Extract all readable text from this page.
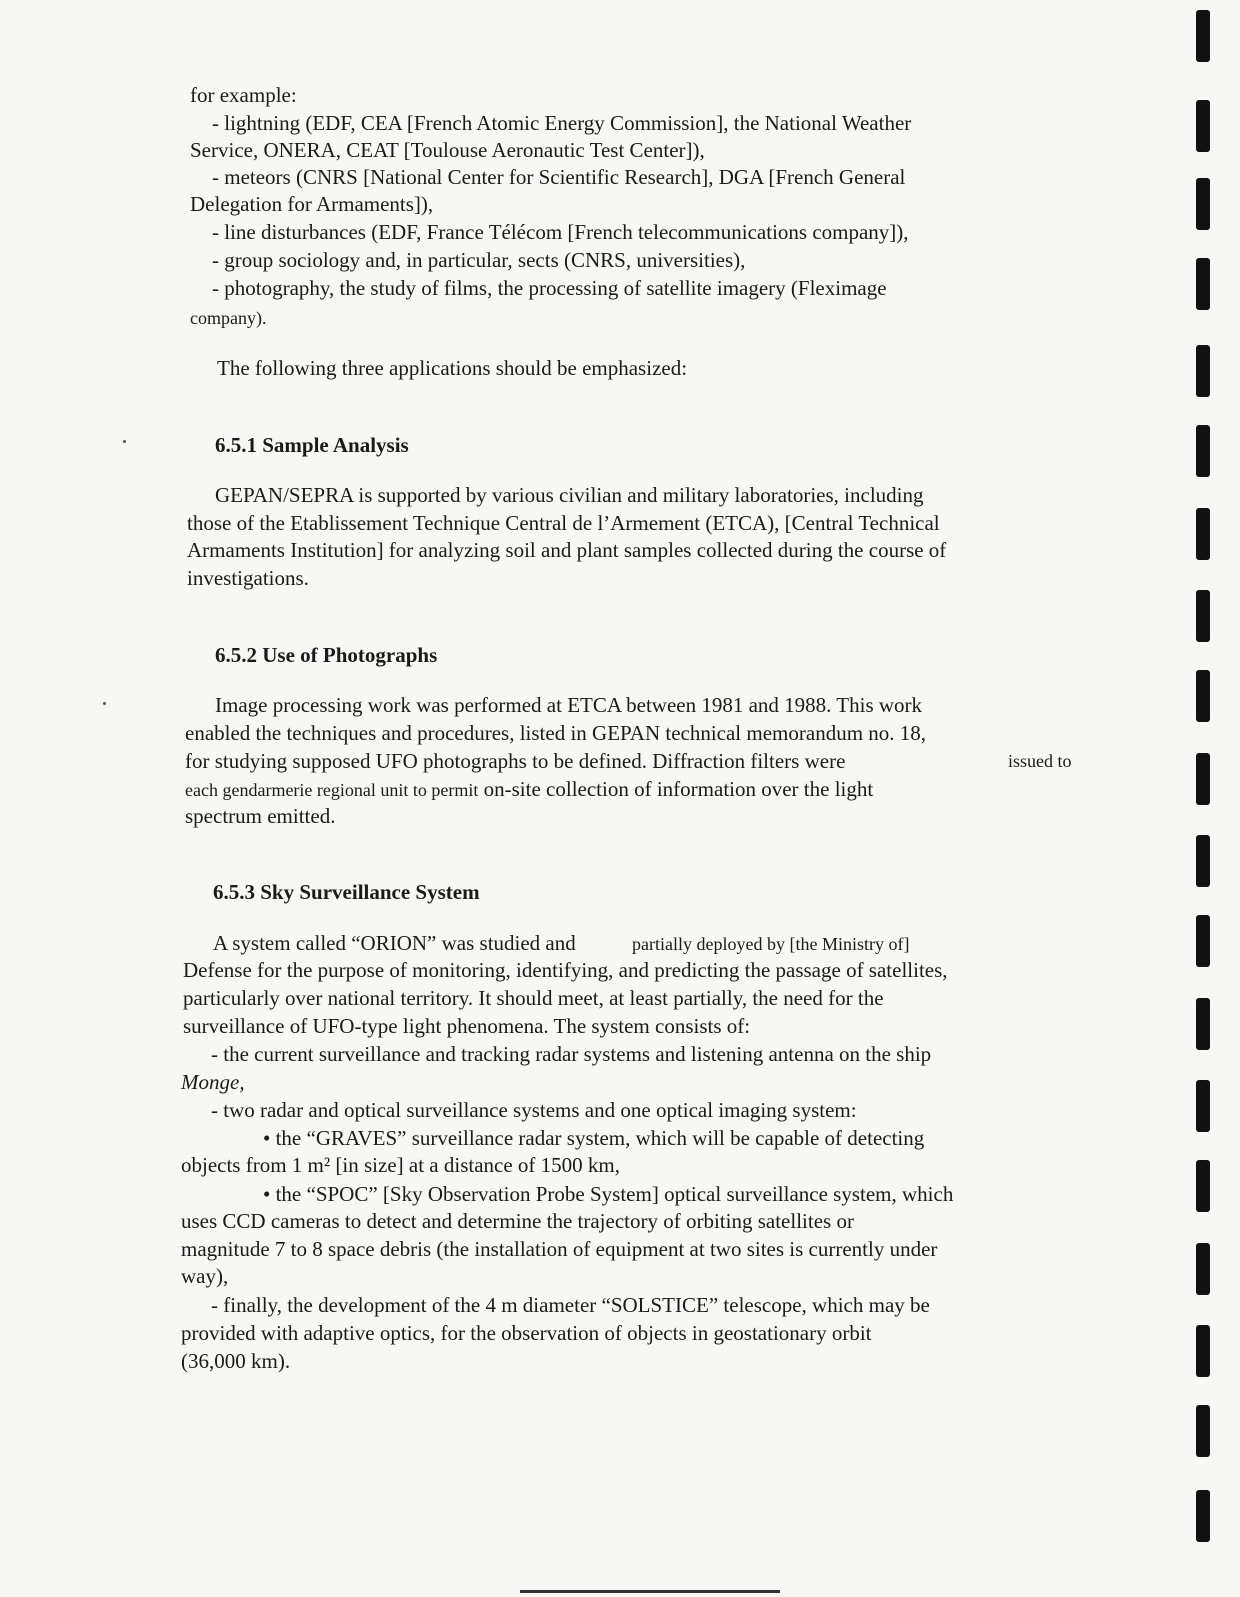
issued to
each gendarmerie regional unit to permit on-site collection of information over the light
partially deployed by [the Ministry of]
Monge,
for example:
- lightning (EDF, CEA [French Atomic Energy Commission], the National Weather
Service, ONERA, CEAT [Toulouse Aeronautic Test Center]),
- meteors (CNRS [National Center for Scientific Research], DGA [French General
Delegation for Armaments]),
- line disturbances (EDF, France Télécom [French telecommunications company]),
- group sociology and, in particular, sects (CNRS, universities),
- photography, the study of films, the processing of satellite imagery (Fleximage
company).
The following three applications should be emphasized:
GEPAN/SEPRA is supported by various civilian and military laboratories, including
those of the Etablissement Technique Central de l’Armement (ETCA), [Central Technical
Armaments Institution] for analyzing soil and plant samples collected during the course of
investigations.
Image processing work was performed at ETCA between 1981 and 1988. This work
enabled the techniques and procedures, listed in GEPAN technical memorandum no. 18,
for studying supposed UFO photographs to be defined. Diffraction filters were
spectrum emitted.
A system called “ORION” was studied and
Defense for the purpose of monitoring, identifying, and predicting the passage of satellites,
particularly over national territory. It should meet, at least partially, the need for the
surveillance of UFO-type light phenomena. The system consists of:
- the current surveillance and tracking radar systems and listening antenna on the ship
- two radar and optical surveillance systems and one optical imaging system:
• the “GRAVES” surveillance radar system, which will be capable of detecting
objects from 1 m² [in size] at a distance of 1500 km,
• the “SPOC” [Sky Observation Probe System] optical surveillance system, which
uses CCD cameras to detect and determine the trajectory of orbiting satellites or
magnitude 7 to 8 space debris (the installation of equipment at two sites is currently under
way),
- finally, the development of the 4 m diameter “SOLSTICE” telescope, which may be
provided with adaptive optics, for the observation of objects in geostationary orbit
(36,000 km).
6.5.1 Sample Analysis
6.5.2 Use of Photographs
6.5.3 Sky Surveillance System
